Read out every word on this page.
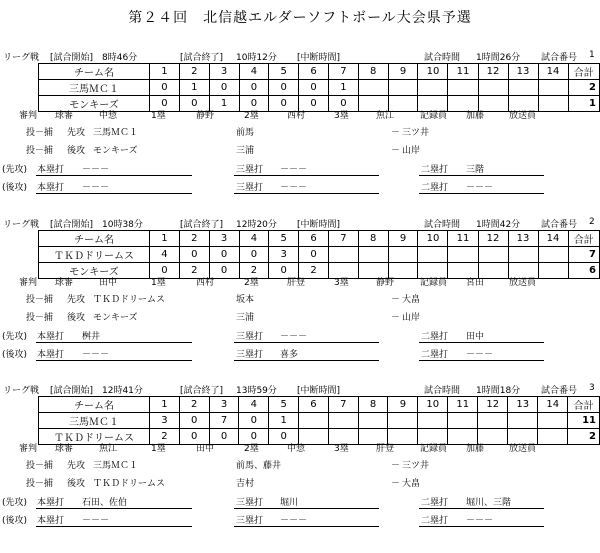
第２４回　北信越エルダーソフトボール大会県予選
リーグ戦 [試合開始] 8時46分	[試合終了] 10時12分 [中断時間]	試合時間 1時間26分 試合番号 1
チーム名	1	2	3	4	5	6	7	8	9	10	11	12	13	14	合計
三馬ＭＣ１	0	1	0	0	0	0	1								2
モンキーズ	0	0	1	0	0	0	0								1
審判 球審	中惣	1塁	静野	2塁	西村	3塁	魚江	記録員 加藤	放送員
投－捕 先攻 三馬ＭＣ１	前馬	－ 三ツ井
投－捕 後攻 モンキーズ	三浦	－ 山岸
(先攻) 本塁打 －－－	三塁打 －－－	二塁打 三階
(後攻) 本塁打 －－－	三塁打 －－－	二塁打 －－－
リーグ戦 [試合開始] 10時38分	[試合終了] 12時20分 [中断時間]	試合時間 1時間42分 試合番号 2
チーム名	1	2	3	4	5	6	7	8	9	10	11	12	13	14	合計
ＴＫＤドリームス	4	0	0	0	3	0									7
モンキーズ	0	2	0	2	0	2									6
審判 球審	田中	1塁	西村	2塁	肝登	3塁	静野	記録員 宮田	放送員
投－捕 先攻 ＴＫＤドリームス	坂本	－ 大畠
投－捕 後攻 モンキーズ	三浦	－ 山岸
(先攻) 本塁打 桝井	三塁打 －－－	二塁打 田中
(後攻) 本塁打 －－－	三塁打 喜多	二塁打 －－－
リーグ戦 [試合開始] 12時41分	[試合終了] 13時59分 [中断時間]	試合時間 1時間18分 試合番号 3
チーム名	1	2	3	4	5	6	7	8	9	10	11	12	13	14	合計
三馬ＭＣ１	3	0	7	0	1										11
ＴＫＤドリームス	2	0	0	0	0										2
審判 球審	魚江	1塁	田中	2塁	中惣	3塁	肝登	記録員 加藤	放送員
投－捕 先攻 三馬ＭＣ１	前馬、藤井	－ 三ツ井
投－捕 後攻 ＴＫＤドリームス	吉村	－ 大畠
(先攻) 本塁打 石田、佐伯	三塁打 堀川	二塁打 堀川、三階
(後攻) 本塁打 －－－	三塁打 －－－	二塁打 －－－
